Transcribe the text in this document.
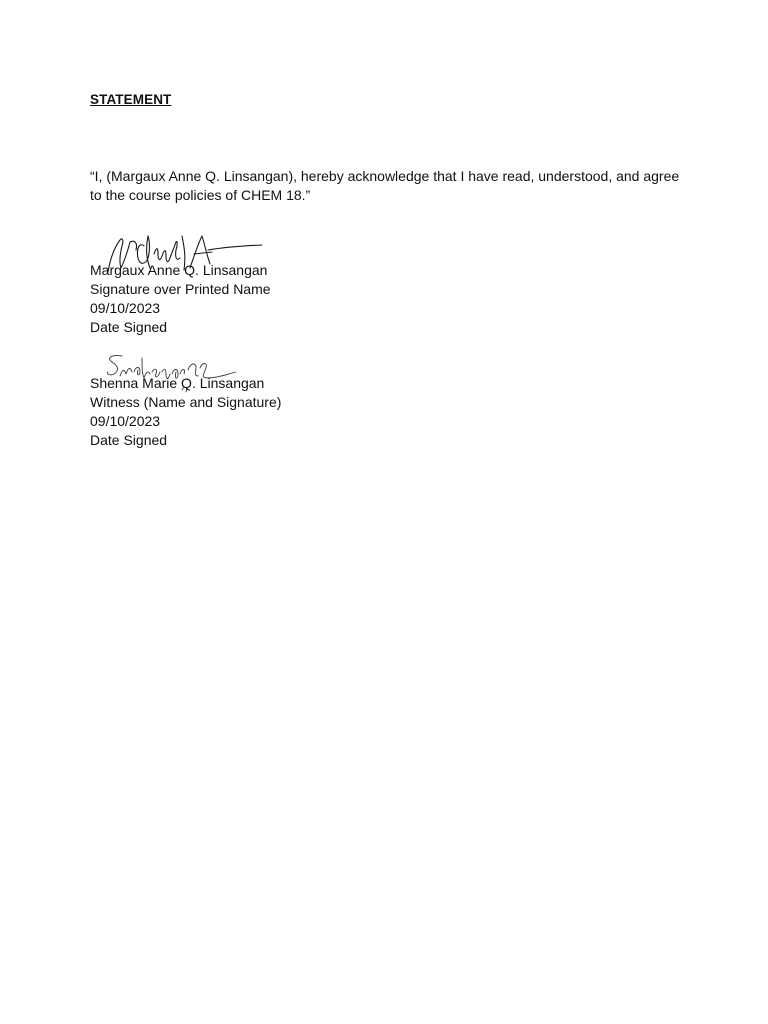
STATEMENT
“I, (Margaux Anne Q. Linsangan), hereby acknowledge that I have read, understood, and agree to the course policies of CHEM 18.”
Margaux Anne Q. Linsangan
Signature over Printed Name
09/10/2023
Date Signed
Shenna Marie Q. Linsangan
Witness (Name and Signature)
09/10/2023
Date Signed
